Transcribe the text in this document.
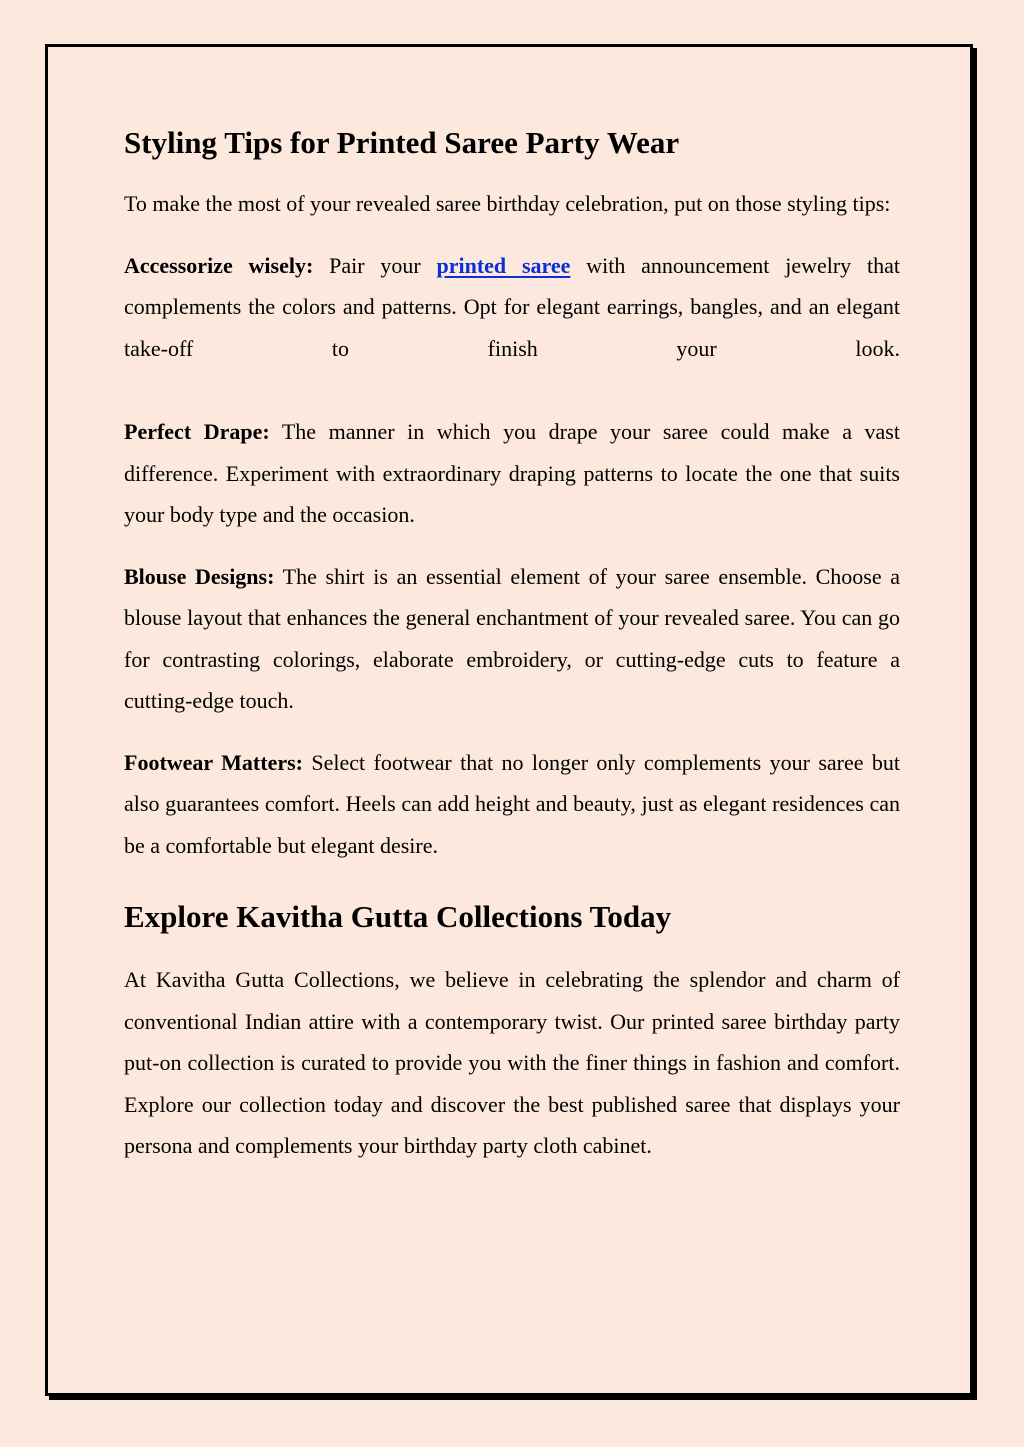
Styling Tips for Printed Saree Party Wear

To make the most of your revealed saree birthday celebration, put on those styling tips:

Accessorize wisely: Pair your printed saree with announcement jewelry that complements the colors and patterns. Opt for elegant earrings, bangles, and an elegant take-off to finish your look.

Perfect Drape: The manner in which you drape your saree could make a vast difference. Experiment with extraordinary draping patterns to locate the one that suits your body type and the occasion.

Blouse Designs: The shirt is an essential element of your saree ensemble. Choose a blouse layout that enhances the general enchantment of your revealed saree. You can go for contrasting colorings, elaborate embroidery, or cutting-edge cuts to feature a cutting-edge touch.

Footwear Matters: Select footwear that no longer only complements your saree but also guarantees comfort. Heels can add height and beauty, just as elegant residences can be a comfortable but elegant desire.

Explore Kavitha Gutta Collections Today

At Kavitha Gutta Collections, we believe in celebrating the splendor and charm of conventional Indian attire with a contemporary twist. Our printed saree birthday party put-on collection is curated to provide you with the finer things in fashion and comfort. Explore our collection today and discover the best published saree that displays your persona and complements your birthday party cloth cabinet.
